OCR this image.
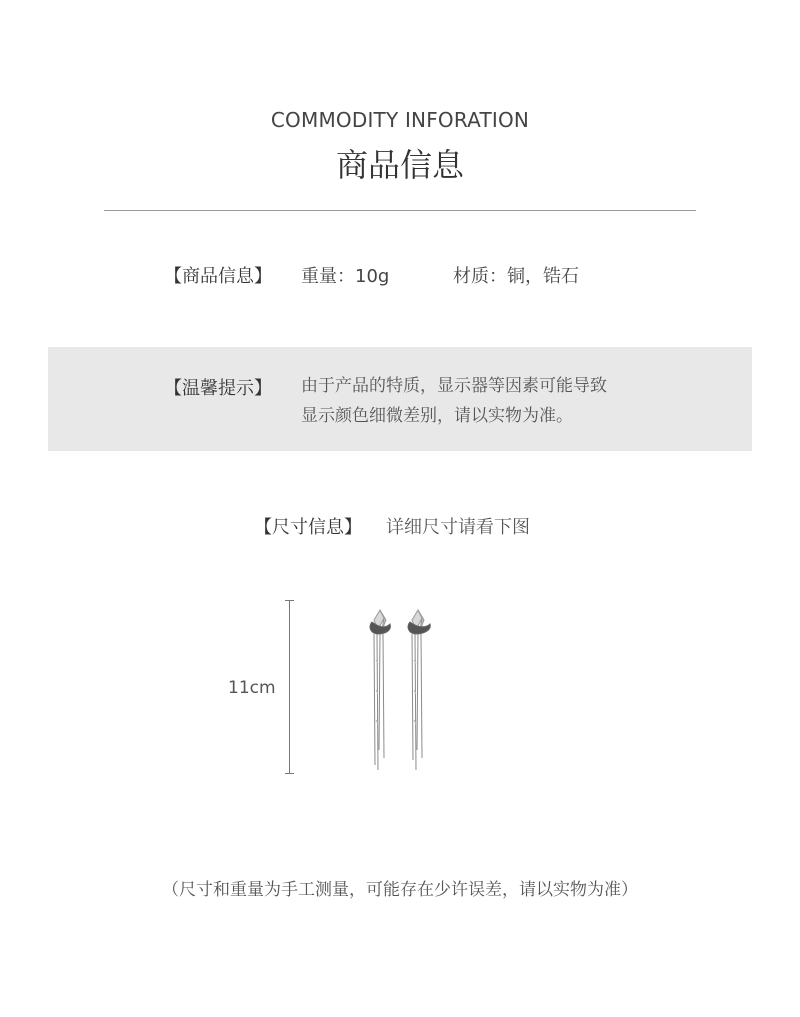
COMMODITY INFORATION
商品信息
【商品信息】 重量：10g	材质：铜，锆石
【温馨提示】 由于产品的特质，显示器等因素可能导致
显示颜色细微差别，请以实物为准。
【尺寸信息】 详细尺寸请看下图
11cm
（尺寸和重量为手工测量，可能存在少许误差，请以实物为准）
